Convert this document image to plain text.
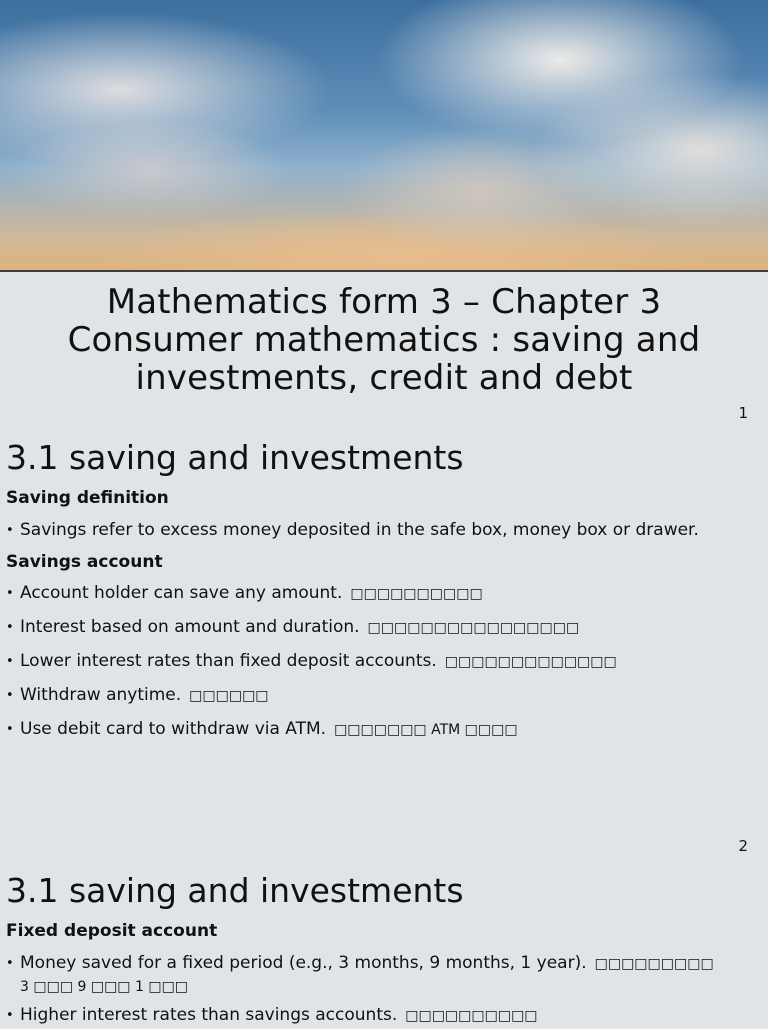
Mathematics form 3 – Chapter 3
Consumer mathematics : saving and
investments, credit and debt
1
3.1 saving and investments
Saving definition
• Savings refer to excess money deposited in the safe box, money box or drawer.
Savings account
• Account holder can save any amount. □□□□□□□□□□
• Interest based on amount and duration. □□□□□□□□□□□□□□□□
• Lower interest rates than fixed deposit accounts. □□□□□□□□□□□□□
• Withdraw anytime. □□□□□□
• Use debit card to withdraw via ATM. □□□□□□□ ATM □□□□
2
3.1 saving and investments
Fixed deposit account
• Money saved for a fixed period (e.g., 3 months, 9 months, 1 year). □□□□□□□□□
3 □□□ 9 □□□ 1 □□□
• Higher interest rates than savings accounts. □□□□□□□□□□
